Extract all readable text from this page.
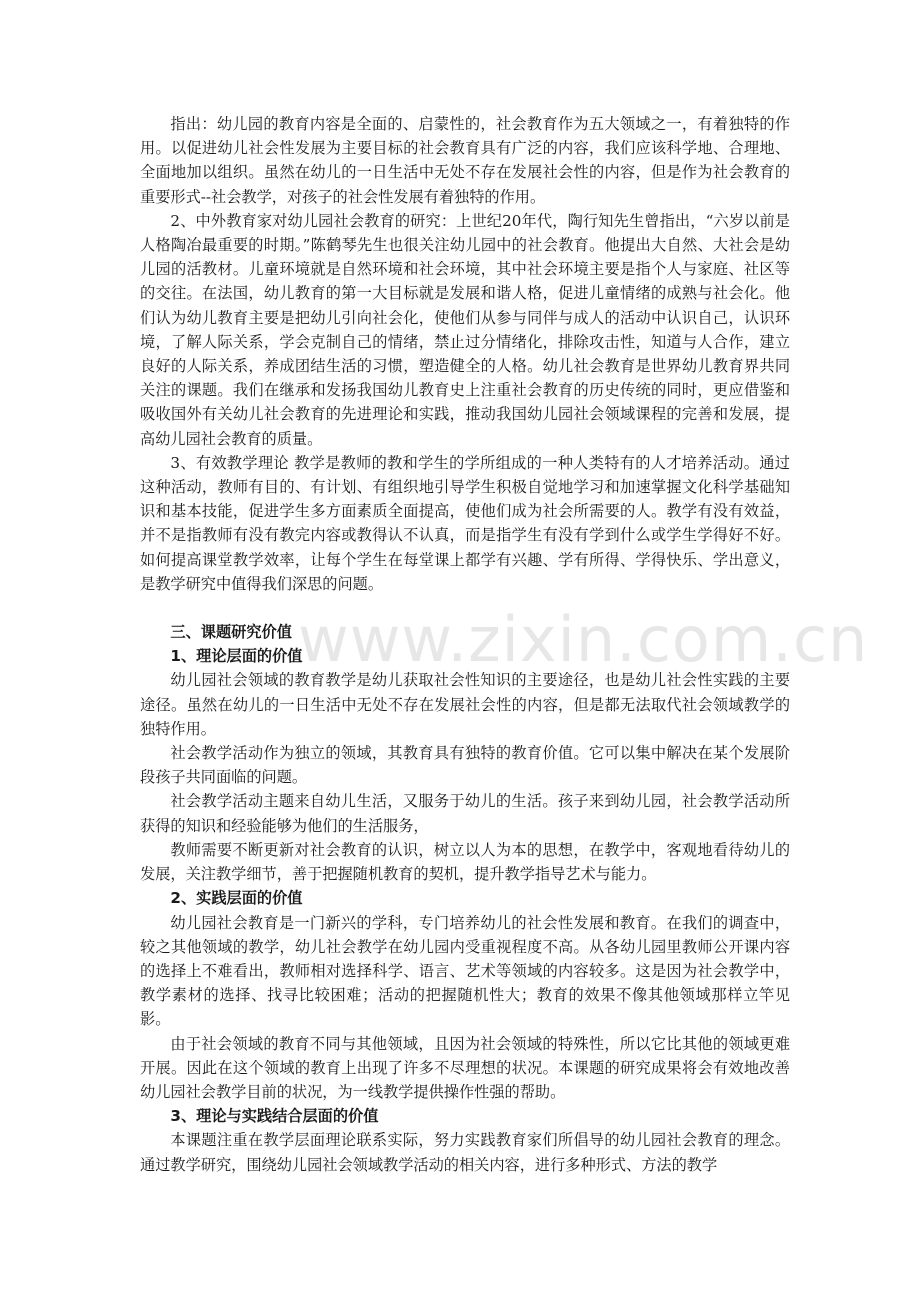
指出：幼儿园的教育内容是全面的、启蒙性的，社会教育作为五大领域之一，有着独特的作用。以促进幼儿社会性发展为主要目标的社会教育具有广泛的内容，我们应该科学地、合理地、全面地加以组织。虽然在幼儿的一日生活中无处不存在发展社会性的内容，但是作为社会教育的重要形式--社会教学，对孩子的社会性发展有着独特的作用。

2、中外教育家对幼儿园社会教育的研究：上世纪20年代，陶行知先生曾指出，“六岁以前是人格陶冶最重要的时期。”陈鹤琴先生也很关注幼儿园中的社会教育。他提出大自然、大社会是幼儿园的活教材。儿童环境就是自然环境和社会环境，其中社会环境主要是指个人与家庭、社区等的交往。在法国，幼儿教育的第一大目标就是发展和谐人格，促进儿童情绪的成熟与社会化。他们认为幼儿教育主要是把幼儿引向社会化，使他们从参与同伴与成人的活动中认识自己，认识环境，了解人际关系，学会克制自己的情绪，禁止过分情绪化，排除攻击性，知道与人合作，建立良好的人际关系，养成团结生活的习惯，塑造健全的人格。幼儿社会教育是世界幼儿教育界共同关注的课题。我们在继承和发扬我国幼儿教育史上注重社会教育的历史传统的同时，更应借鉴和吸收国外有关幼儿社会教育的先进理论和实践，推动我国幼儿园社会领域课程的完善和发展，提高幼儿园社会教育的质量。

3、有效教学理论 教学是教师的教和学生的学所组成的一种人类特有的人才培养活动。通过这种活动，教师有目的、有计划、有组织地引导学生积极自觉地学习和加速掌握文化科学基础知识和基本技能，促进学生多方面素质全面提高，使他们成为社会所需要的人。教学有没有效益，并不是指教师有没有教完内容或教得认不认真，而是指学生有没有学到什么或学生学得好不好。如何提高课堂教学效率，让每个学生在每堂课上都学有兴趣、学有所得、学得快乐、学出意义，是教学研究中值得我们深思的问题。

三、课题研究价值

1、理论层面的价值

幼儿园社会领域的教育教学是幼儿获取社会性知识的主要途径，也是幼儿社会性实践的主要途径。虽然在幼儿的一日生活中无处不存在发展社会性的内容，但是都无法取代社会领域教学的独特作用。

社会教学活动作为独立的领域，其教育具有独特的教育价值。它可以集中解决在某个发展阶段孩子共同面临的问题。

社会教学活动主题来自幼儿生活，又服务于幼儿的生活。孩子来到幼儿园，社会教学活动所获得的知识和经验能够为他们的生活服务，

教师需要不断更新对社会教育的认识，树立以人为本的思想，在教学中，客观地看待幼儿的发展，关注教学细节，善于把握随机教育的契机，提升教学指导艺术与能力。

2、实践层面的价值

幼儿园社会教育是一门新兴的学科，专门培养幼儿的社会性发展和教育。在我们的调查中，较之其他领域的教学，幼儿社会教学在幼儿园内受重视程度不高。从各幼儿园里教师公开课内容的选择上不难看出，教师相对选择科学、语言、艺术等领域的内容较多。这是因为社会教学中，教学素材的选择、找寻比较困难；活动的把握随机性大；教育的效果不像其他领域那样立竿见影。

由于社会领域的教育不同与其他领域，且因为社会领域的特殊性，所以它比其他的领域更难开展。因此在这个领域的教育上出现了许多不尽理想的状况。本课题的研究成果将会有效地改善幼儿园社会教学目前的状况，为一线教学提供操作性强的帮助。

3、理论与实践结合层面的价值

本课题注重在教学层面理论联系实际，努力实践教育家们所倡导的幼儿园社会教育的理念。通过教学研究，围绕幼儿园社会领域教学活动的相关内容，进行多种形式、方法的教学

www.zixin.com.cn
